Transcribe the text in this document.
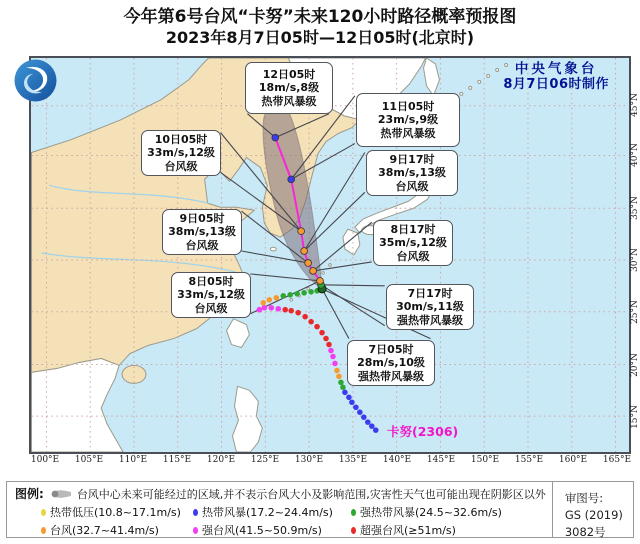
今年第6号台风“卡努”未来120小时路径概率预报图
2023年8月7日05时—12日05时(北京时)
卡努(2306)
中央气象台
8月7日06时制作
7日05时
28m/s,10级
强热带风暴级
7日17时
30m/s,11级
强热带风暴级
8日05时
33m/s,12级
台风级
8日17时
35m/s,12级
台风级
9日05时
38m/s,13级
台风级
9日17时
38m/s,13级
台风级
10日05时
33m/s,12级
台风级
11日05时
23m/s,9级
热带风暴级
12日05时
18m/s,8级
热带风暴级
100°E 105°E 110°E 115°E 120°E 125°E 130°E 135°E 140°E 145°E 150°E 155°E 160°E 165°E
45°N
40°N
35°N
30°N
25°N
20°N
15°N
图例:	台风中心未来可能经过的区域,并不表示台风大小及影响范围,灾害性天气也可能出现在阴影区以外
热带低压(10.8~17.1m/s) 热带风暴(17.2~24.4m/s) 强热带风暴(24.5~32.6m/s)
台风(32.7~41.4m/s)	强台风(41.5~50.9m/s)	超强台风(≥51m/s)
审图号:
GS (2019) 3082号
